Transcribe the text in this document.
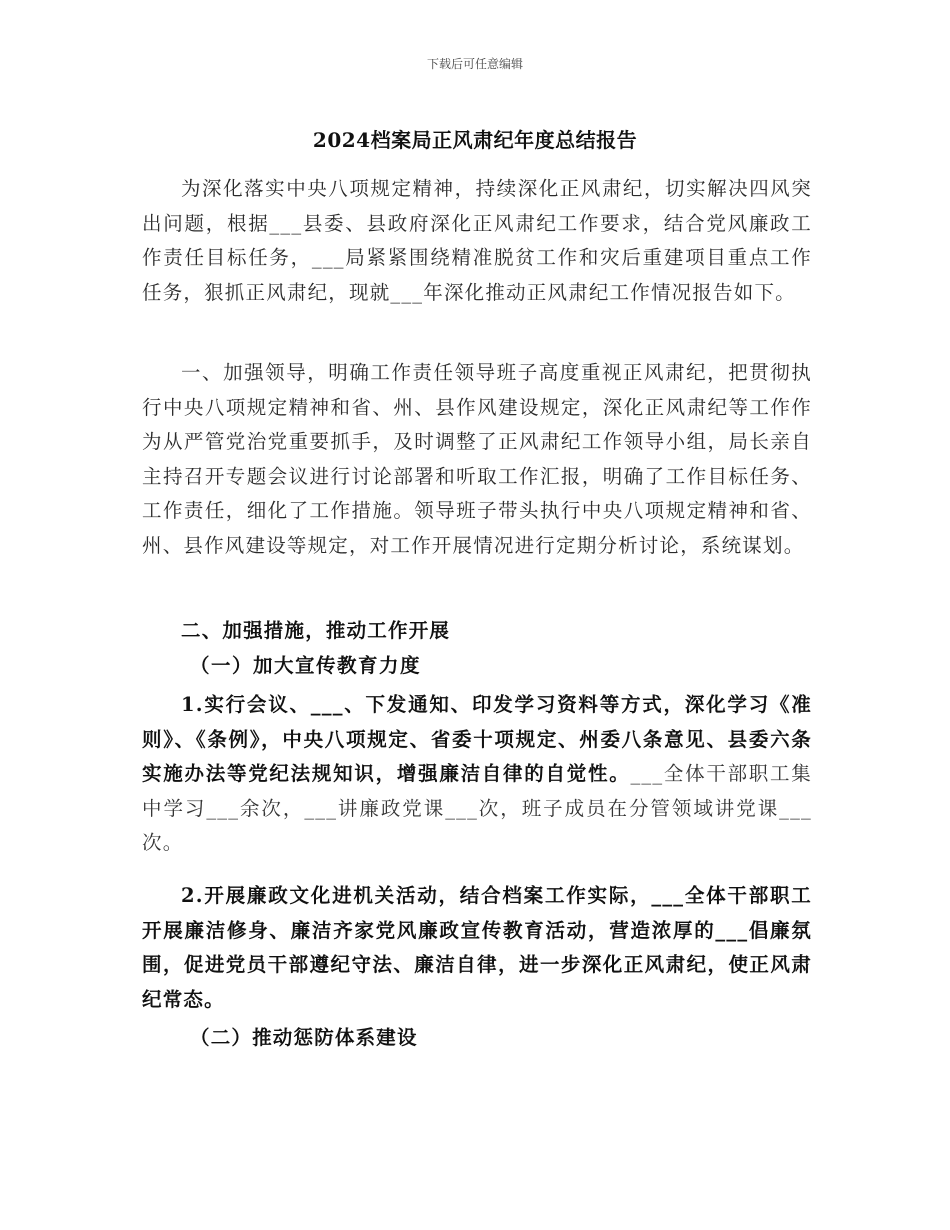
下载后可任意编辑
2024档案局正风肃纪年度总结报告

为深化落实中央八项规定精神，持续深化正风肃纪，切实解决四风突出问题，根据___县委、县政府深化正风肃纪工作要求，结合党风廉政工作责任目标任务，___局紧紧围绕精准脱贫工作和灾后重建项目重点工作任务，狠抓正风肃纪，现就___年深化推动正风肃纪工作情况报告如下。

一、加强领导，明确工作责任领导班子高度重视正风肃纪，把贯彻执行中央八项规定精神和省、州、县作风建设规定，深化正风肃纪等工作作为从严管党治党重要抓手，及时调整了正风肃纪工作领导小组，局长亲自主持召开专题会议进行讨论部署和听取工作汇报，明确了工作目标任务、工作责任，细化了工作措施。领导班子带头执行中央八项规定精神和省、州、县作风建设等规定，对工作开展情况进行定期分析讨论，系统谋划。

二、加强措施，推动工作开展

（一）加大宣传教育力度

1.实行会议、___、下发通知、印发学习资料等方式，深化学习《准则》、《条例》，中央八项规定、省委十项规定、州委八条意见、县委六条实施办法等党纪法规知识，增强廉洁自律的自觉性。___全体干部职工集中学习___余次，___讲廉政党课___次，班子成员在分管领域讲党课___次。

2.开展廉政文化进机关活动，结合档案工作实际，___全体干部职工开展廉洁修身、廉洁齐家党风廉政宣传教育活动，营造浓厚的___倡廉氛围，促进党员干部遵纪守法、廉洁自律，进一步深化正风肃纪，使正风肃纪常态。

（二）推动惩防体系建设
